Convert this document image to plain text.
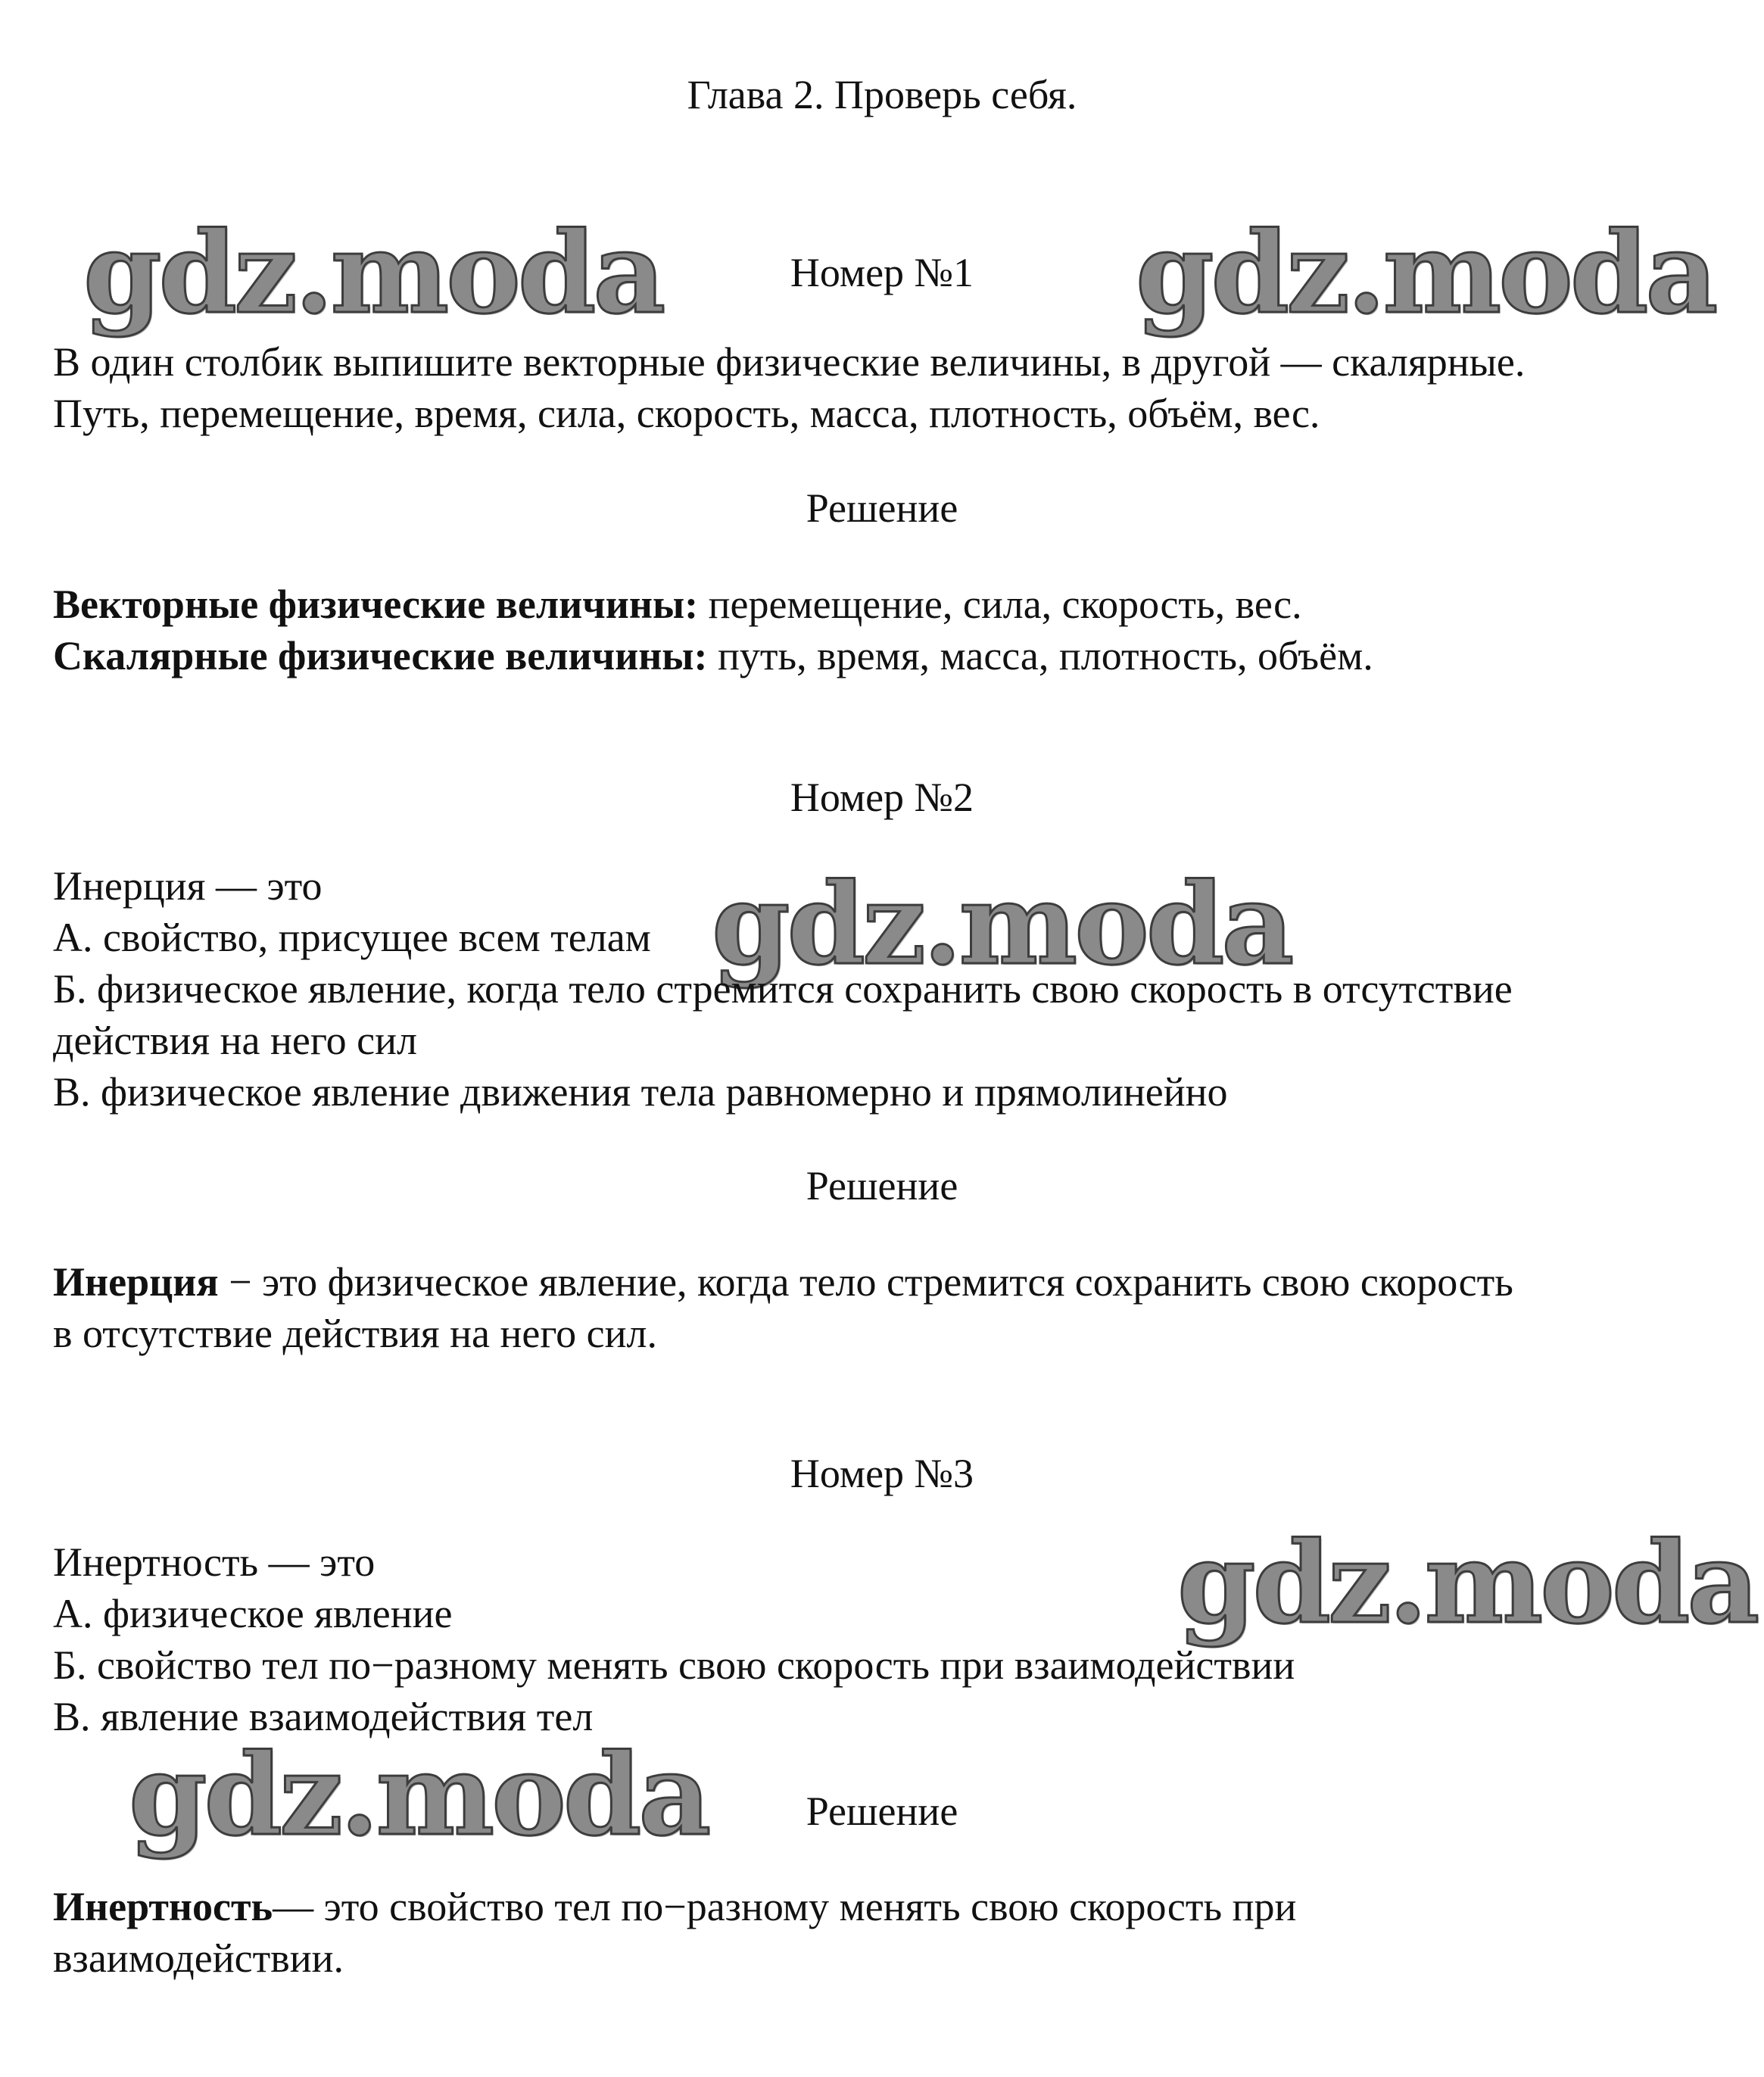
Глава 2. Проверь себя.
gdz.moda	gdz.moda
gdz.moda
gdz.moda
gdz.moda
Номер №1
В один столбик выпишите векторные физические величины, в другой — скалярные.
Путь, перемещение, время, сила, скорость, масса, плотность, объём, вес.
Решение
Векторные физические величины: перемещение, сила, скорость, вес.
Скалярные физические величины: путь, время, масса, плотность, объём.
Номер №2
Инерция — это
А. свойство, присущее всем телам
Б. физическое явление, когда тело стремится сохранить свою скорость в отсутствие
действия на него сил
В. физическое явление движения тела равномерно и прямолинейно
Решение
Инерция − это физическое явление, когда тело стремится сохранить свою скорость
в отсутствие действия на него сил.
Номер №3
Инертность — это
А. физическое явление
Б. свойство тел по−разному менять свою скорость при взаимодействии
В. явление взаимодействия тел
Решение
Инертность— это свойство тел по−разному менять свою скорость при
взаимодействии.
